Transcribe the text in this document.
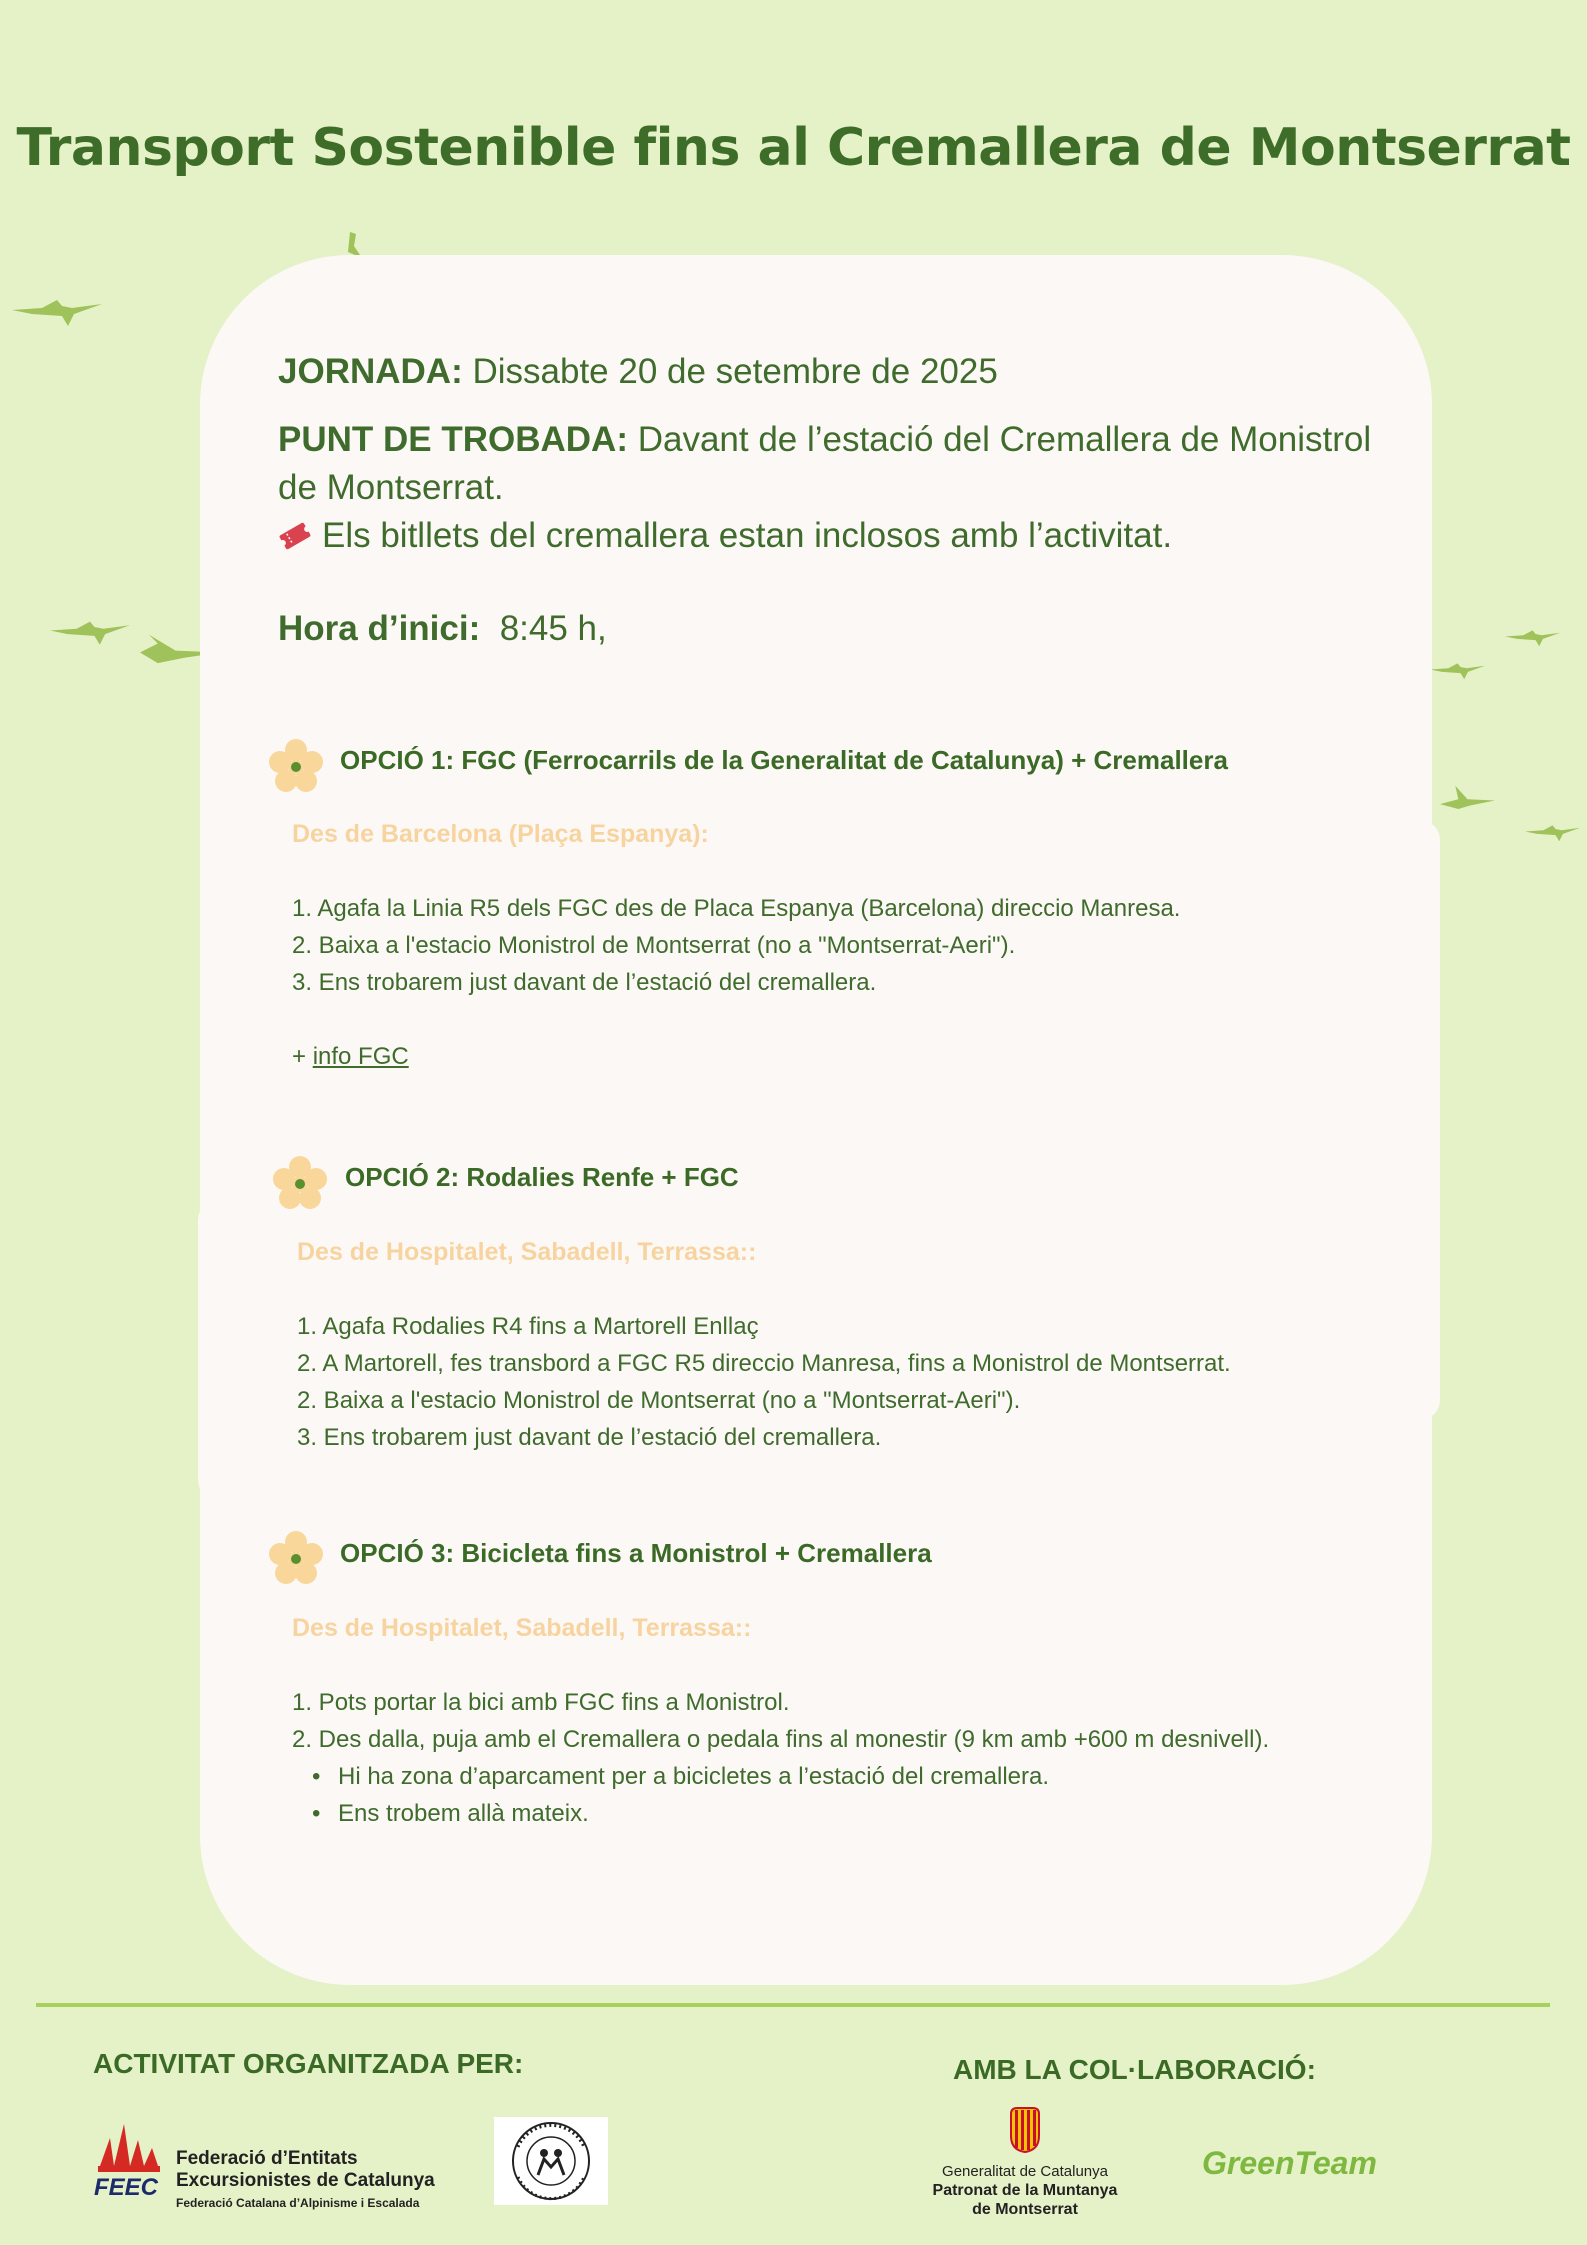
Transport Sostenible fins al Cremallera de Montserrat
JORNADA: Dissabte 20 de setembre de 2025
PUNT DE TROBADA: Davant de l’estació del Cremallera de Monistrol
de Montserrat.
Els bitllets del cremallera estan inclosos amb l’activitat.
Hora d’inici: 8:45 h,
OPCIÓ 1: FGC (Ferrocarrils de la Generalitat de Catalunya) + Cremallera
Des de Barcelona (Plaça Espanya):
1. Agafa la Linia R5 dels FGC des de Placa Espanya (Barcelona) direccio Manresa.
2. Baixa a l'estacio Monistrol de Montserrat (no a "Montserrat-Aeri").
3. Ens trobarem just davant de l’estació del cremallera.
+ info FGC
OPCIÓ 2: Rodalies Renfe + FGC
Des de Hospitalet, Sabadell, Terrassa::
1. Agafa Rodalies R4 fins a Martorell Enllaç
2. A Martorell, fes transbord a FGC R5 direccio Manresa, fins a Monistrol de Montserrat.
2. Baixa a l'estacio Monistrol de Montserrat (no a "Montserrat-Aeri").
3. Ens trobarem just davant de l’estació del cremallera.
OPCIÓ 3: Bicicleta fins a Monistrol + Cremallera
Des de Hospitalet, Sabadell, Terrassa::
1. Pots portar la bici amb FGC fins a Monistrol.
2. Des dalla, puja amb el Cremallera o pedala fins al monestir (9 km amb +600 m desnivell).
• Hi ha zona d’aparcament per a bicicletes a l’estació del cremallera.
• Ens trobem allà mateix.
ACTIVITAT ORGANITZADA PER:	AMB LA COL·LABORACIÓ:
FEEC
Federació d’Entitats
Excursionistes de Catalunya
Federació Catalana d’Alpinisme i Escalada
Generalitat de Catalunya
Patronat de la Muntanya
de Montserrat
GreenTeam
